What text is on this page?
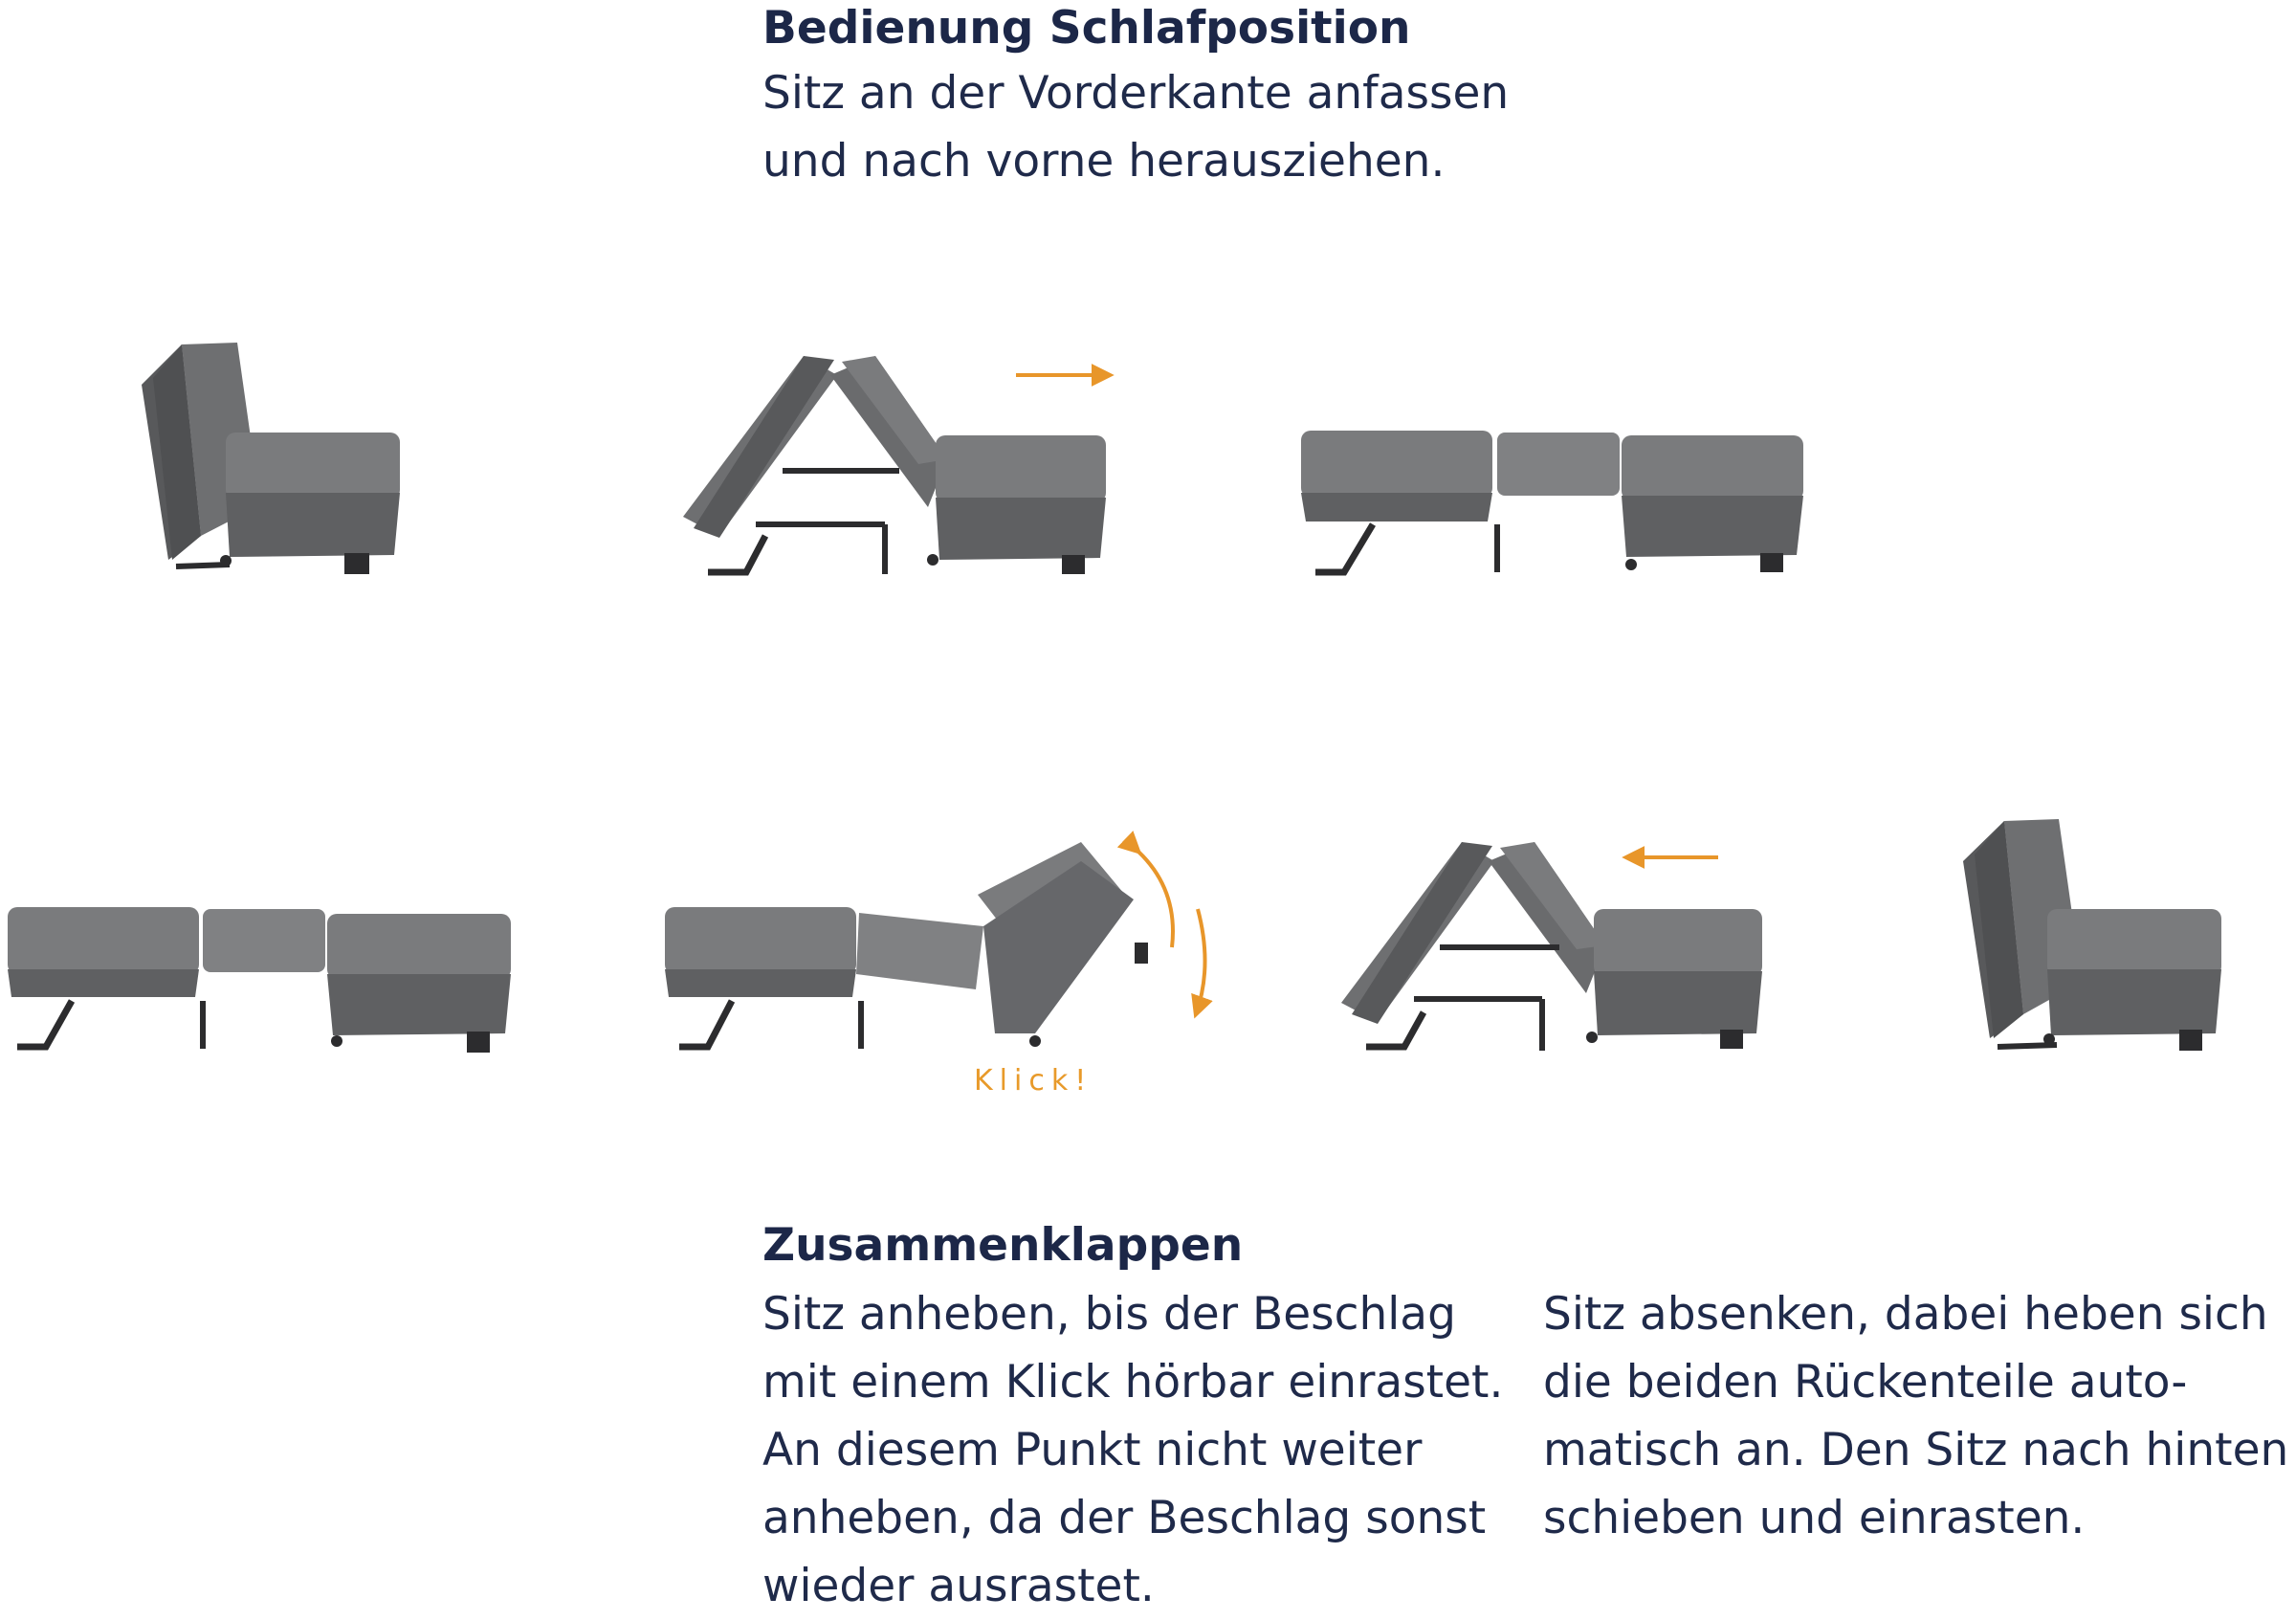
Bedienung Schlafposition
Sitz an der Vorderkante anfassen
und nach vorne herausziehen.
Klick!
Zusammenklappen
Sitz anheben, bis der Beschlag
mit einem Klick hörbar einrastet.
An diesem Punkt nicht weiter
anheben, da der Beschlag sonst
wieder ausrastet.
Sitz absenken, dabei heben sich
die beiden Rückenteile auto-
matisch an. Den Sitz nach hinten
schieben und einrasten.
